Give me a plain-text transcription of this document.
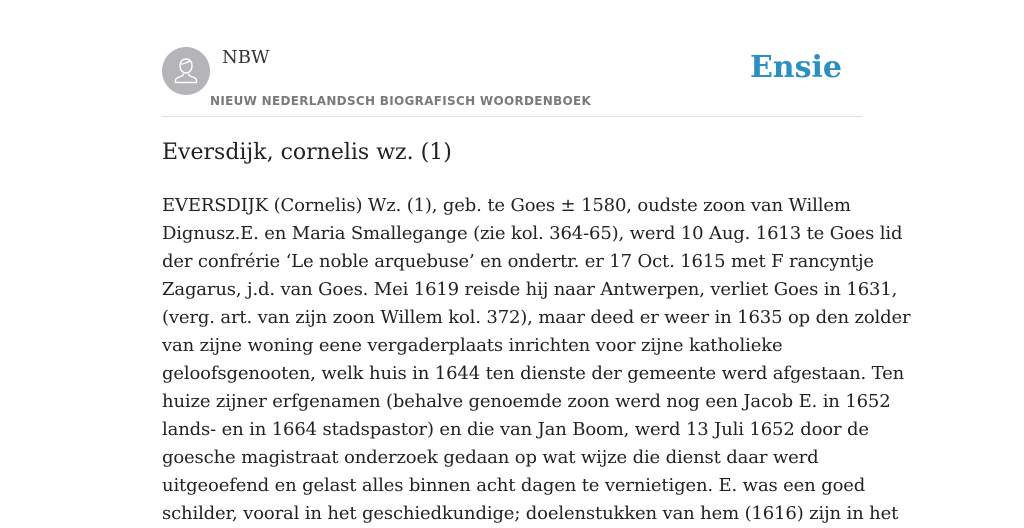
NBW
NIEUW NEDERLANDSCH BIOGRAFISCH WOORDENBOEK
Ensie
Eversdijk, cornelis wz. (1)
EVERSDIJK (Cornelis) Wz. (1), geb. te Goes ± 1580, oudste zoon van Willem
Dignusz.E. en Maria Smallegange (zie kol. 364-65), werd 10 Aug. 1613 te Goes lid
der confrérie ‘Le noble arquebuse’ en ondertr. er 17 Oct. 1615 met F rancyntje
Zagarus, j.d. van Goes. Mei 1619 reisde hij naar Antwerpen, verliet Goes in 1631,
(verg. art. van zijn zoon Willem kol. 372), maar deed er weer in 1635 op den zolder
van zijne woning eene vergaderplaats inrichten voor zijne katholieke
geloofsgenooten, welk huis in 1644 ten dienste der gemeente werd afgestaan. Ten
huize zijner erfgenamen (behalve genoemde zoon werd nog een Jacob E. in 1652
lands- en in 1664 stadspastor) en die van Jan Boom, werd 13 Juli 1652 door de
goesche magistraat onderzoek gedaan op wat wijze die dienst daar werd
uitgeoefend en gelast alles binnen acht dagen te vernietigen. E. was een goed
schilder, vooral in het geschiedkundige; doelenstukken van hem (1616) zijn in het
